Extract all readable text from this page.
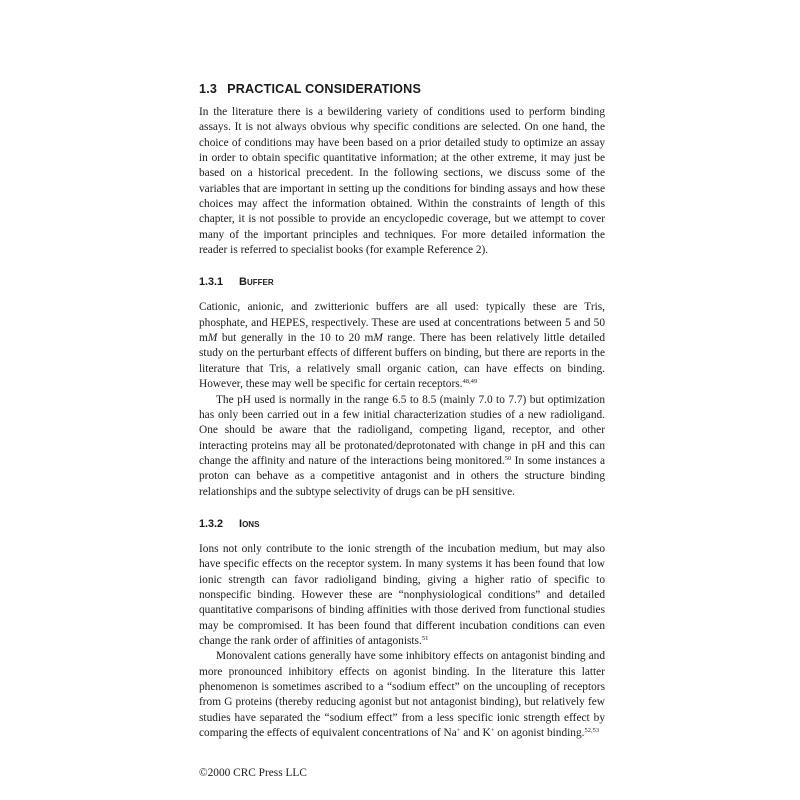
1.3 PRACTICAL CONSIDERATIONS

In the literature there is a bewildering variety of conditions used to perform binding assays. It is not always obvious why specific conditions are selected. On one hand, the choice of conditions may have been based on a prior detailed study to optimize an assay in order to obtain specific quantitative information; at the other extreme, it may just be based on a historical precedent. In the following sections, we discuss some of the variables that are important in setting up the conditions for binding assays and how these choices may affect the information obtained. Within the constraints of length of this chapter, it is not possible to provide an encyclopedic coverage, but we attempt to cover many of the important principles and techniques. For more detailed information the reader is referred to specialist books (for example Reference 2).

1.3.1 Buffer

Cationic, anionic, and zwitterionic buffers are all used: typically these are Tris, phosphate, and HEPES, respectively. These are used at concentrations between 5 and 50 mM but generally in the 10 to 20 mM range. There has been relatively little detailed study on the perturbant effects of different buffers on binding, but there are reports in the literature that Tris, a relatively small organic cation, can have effects on binding. However, these may well be specific for certain receptors.$^{48,49}$

The pH used is normally in the range 6.5 to 8.5 (mainly 7.0 to 7.7) but optimization has only been carried out in a few initial characterization studies of a new radioligand. One should be aware that the radioligand, competing ligand, receptor, and other interacting proteins may all be protonated/deprotonated with change in pH and this can change the affinity and nature of the interactions being monitored.$^{50}$ In some instances a proton can behave as a competitive antagonist and in others the structure binding relationships and the subtype selectivity of drugs can be pH sensitive.

1.3.2 Ions

Ions not only contribute to the ionic strength of the incubation medium, but may also have specific effects on the receptor system. In many systems it has been found that low ionic strength can favor radioligand binding, giving a higher ratio of specific to nonspecific binding. However these are “nonphysiological conditions” and detailed quantitative comparisons of binding affinities with those derived from functional studies may be compromised. It has been found that different incubation conditions can even change the rank order of affinities of antagonists.$^{51}$

Monovalent cations generally have some inhibitory effects on antagonist binding and more pronounced inhibitory effects on agonist binding. In the literature this latter phenomenon is sometimes ascribed to a “sodium effect” on the uncoupling of receptors from G proteins (thereby reducing agonist but not antagonist binding), but relatively few studies have separated the “sodium effect” from a less specific ionic strength effect by comparing the effects of equivalent concentrations of Na+ and K+ on agonist binding.$^{52,53}$

©2000 CRC Press LLC
